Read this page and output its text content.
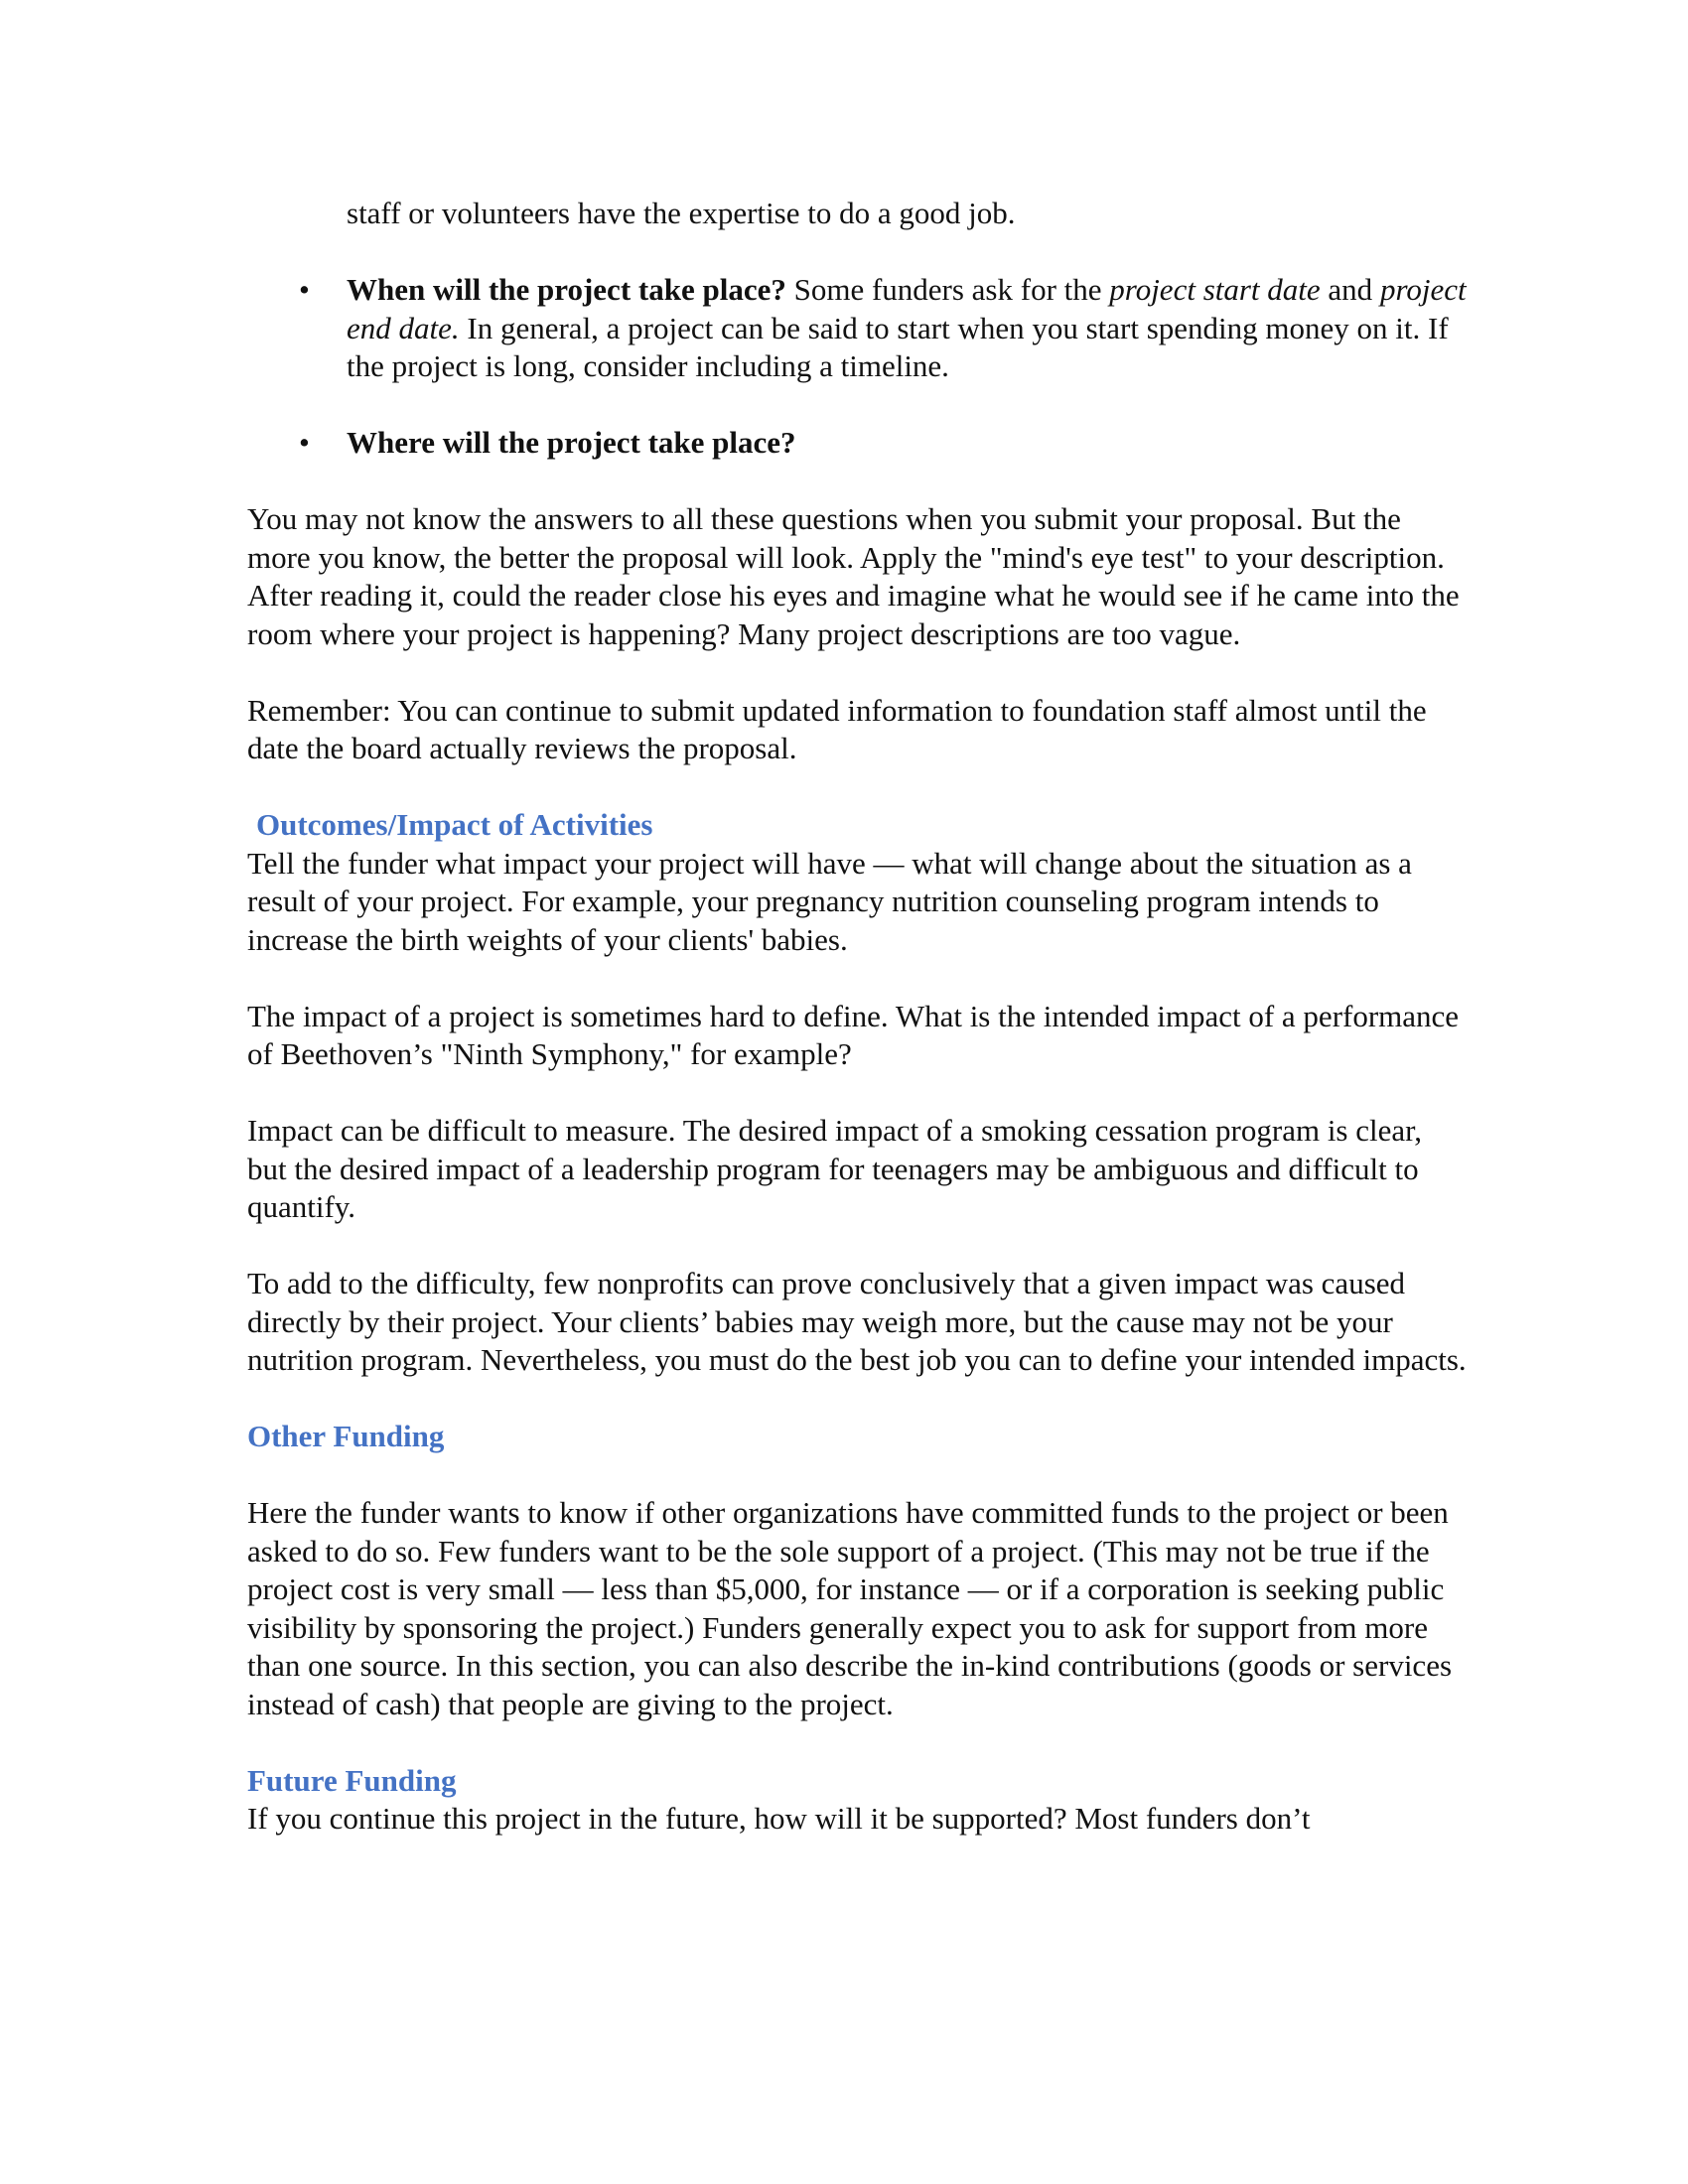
staff or volunteers have the expertise to do a good job.

• When will the project take place? Some funders ask for the project start date and project end date. In general, a project can be said to start when you start spending money on it. If the project is long, consider including a timeline.
• Where will the project take place?

You may not know the answers to all these questions when you submit your proposal. But the more you know, the better the proposal will look. Apply the "mind's eye test" to your description. After reading it, could the reader close his eyes and imagine what he would see if he came into the room where your project is happening? Many project descriptions are too vague.

Remember: You can continue to submit updated information to foundation staff almost until the date the board actually reviews the proposal.

Outcomes/Impact of Activities

Tell the funder what impact your project will have — what will change about the situation as a result of your project. For example, your pregnancy nutrition counseling program intends to increase the birth weights of your clients' babies.

The impact of a project is sometimes hard to define. What is the intended impact of a performance of Beethoven’s "Ninth Symphony," for example?

Impact can be difficult to measure. The desired impact of a smoking cessation program is clear, but the desired impact of a leadership program for teenagers may be ambiguous and difficult to quantify.

To add to the difficulty, few nonprofits can prove conclusively that a given impact was caused directly by their project. Your clients’ babies may weigh more, but the cause may not be your nutrition program. Nevertheless, you must do the best job you can to define your intended impacts.

Other Funding

Here the funder wants to know if other organizations have committed funds to the project or been asked to do so. Few funders want to be the sole support of a project. (This may not be true if the project cost is very small — less than $5,000, for instance — or if a corporation is seeking public visibility by sponsoring the project.) Funders generally expect you to ask for support from more than one source. In this section, you can also describe the in-kind contributions (goods or services instead of cash) that people are giving to the project.

Future Funding

If you continue this project in the future, how will it be supported? Most funders don’t
